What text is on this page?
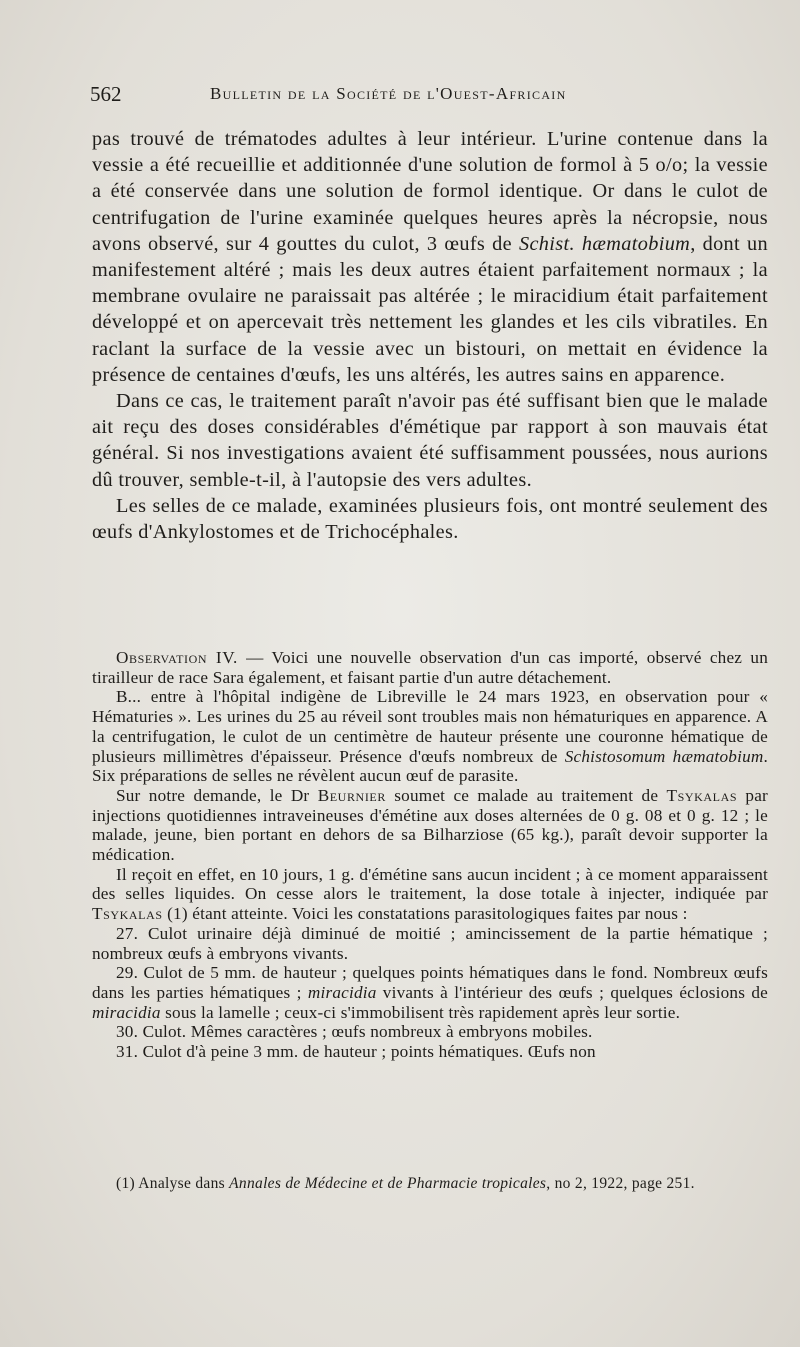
562	Bulletin de la Société de l'Ouest-Africain

pas trouvé de trématodes adultes à leur intérieur. L'urine contenue dans la vessie a été recueillie et additionnée d'une solution de formol à 5 o/o; la vessie a été conservée dans une solution de formol identique. Or dans le culot de centrifugation de l'urine examinée quelques heures après la nécropsie, nous avons observé, sur 4 gouttes du culot, 3 œufs de Schist. hæmatobium, dont un manifestement altéré ; mais les deux autres étaient parfaitement normaux ; la membrane ovulaire ne paraissait pas altérée ; le miracidium était parfaitement développé et on apercevait très nettement les glandes et les cils vibratiles. En raclant la surface de la vessie avec un bistouri, on mettait en évidence la présence de centaines d'œufs, les uns altérés, les autres sains en apparence.

Dans ce cas, le traitement paraît n'avoir pas été suffisant bien que le malade ait reçu des doses considérables d'émétique par rapport à son mauvais état général. Si nos investigations avaient été suffisamment poussées, nous aurions dû trouver, semble-t-il, à l'autopsie des vers adultes.

Les selles de ce malade, examinées plusieurs fois, ont montré seulement des œufs d'Ankylostomes et de Trichocéphales.

Observation IV. — Voici une nouvelle observation d'un cas importé, observé chez un tirailleur de race Sara également, et faisant partie d'un autre détachement.

B... entre à l'hôpital indigène de Libreville le 24 mars 1923, en observation pour « Hématuries ». Les urines du 25 au réveil sont troubles mais non hématuriques en apparence. A la centrifugation, le culot de un centimètre de hauteur présente une couronne hématique de plusieurs millimètres d'épaisseur. Présence d'œufs nombreux de Schistosomum hæmatobium. Six préparations de selles ne révèlent aucun œuf de parasite.

Sur notre demande, le Dr Beurnier soumet ce malade au traitement de Tsykalas par injections quotidiennes intraveineuses d'émétine aux doses alternées de 0 g. 08 et 0 g. 12 ; le malade, jeune, bien portant en dehors de sa Bilharziose (65 kg.), paraît devoir supporter la médication.

Il reçoit en effet, en 10 jours, 1 g. d'émétine sans aucun incident ; à ce moment apparaissent des selles liquides. On cesse alors le traitement, la dose totale à injecter, indiquée par Tsykalas (1) étant atteinte. Voici les constatations parasitologiques faites par nous :

27. Culot urinaire déjà diminué de moitié ; amincissement de la partie hématique ; nombreux œufs à embryons vivants.

29. Culot de 5 mm. de hauteur ; quelques points hématiques dans le fond. Nombreux œufs dans les parties hématiques ; miracidia vivants à l'intérieur des œufs ; quelques éclosions de miracidia sous la lamelle ; ceux-ci s'immobilisent très rapidement après leur sortie.

30. Culot. Mêmes caractères ; œufs nombreux à embryons mobiles.

31. Culot d'à peine 3 mm. de hauteur ; points hématiques. Œufs non

(1) Analyse dans Annales de Médecine et de Pharmacie tropicales, no 2, 1922, page 251.
